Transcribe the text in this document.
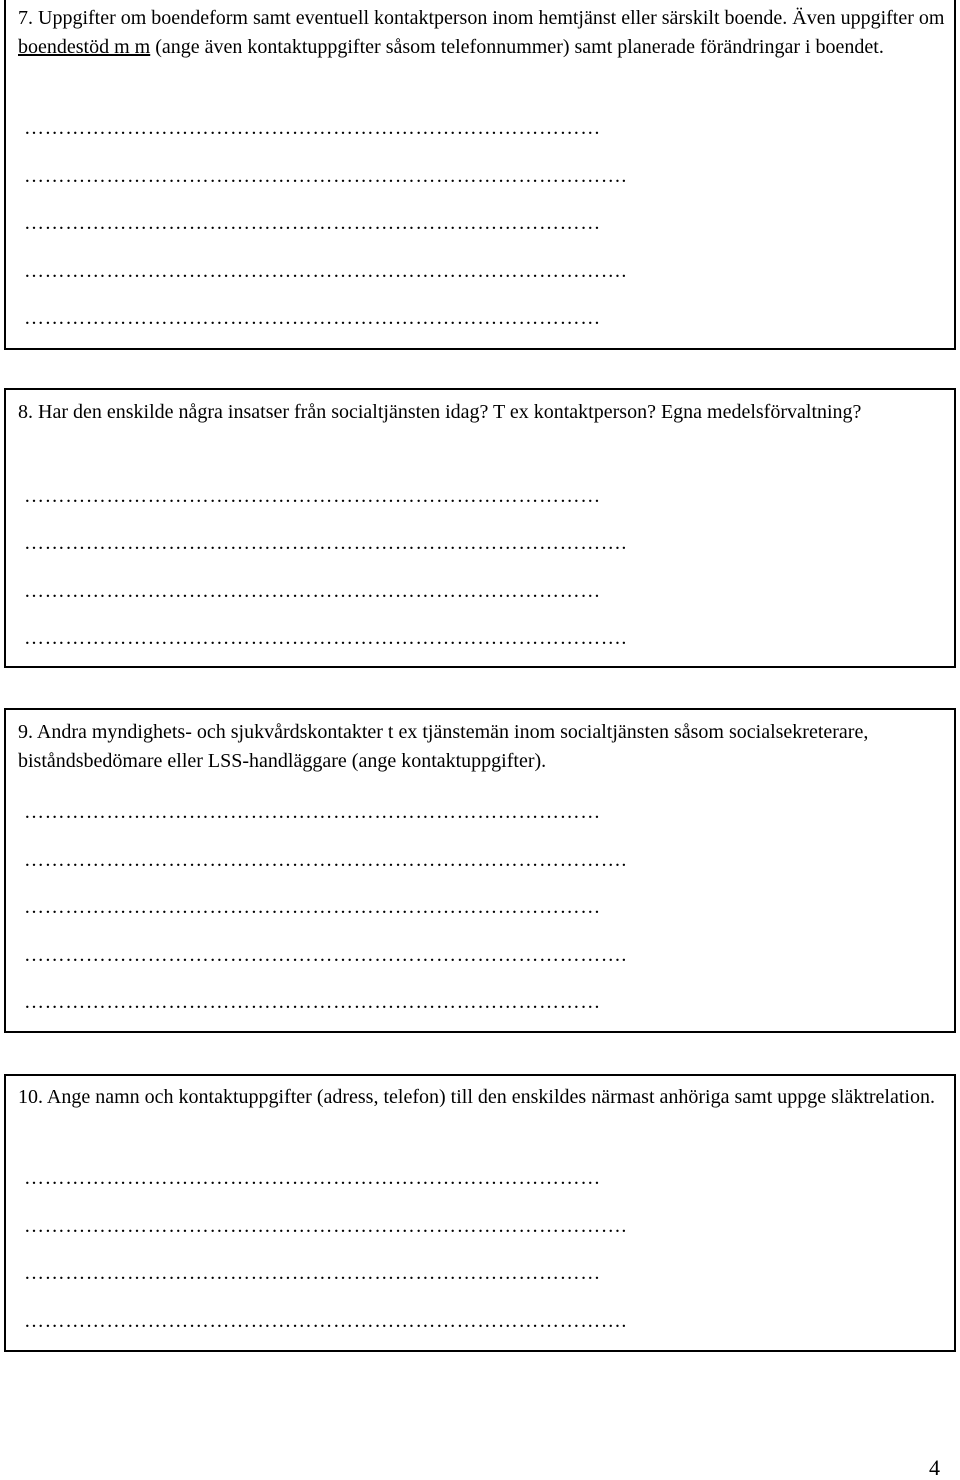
7. Uppgifter om boendeform samt eventuell kontaktperson inom hemtjänst eller särskilt boende. Även uppgifter om boendestöd m m (ange även kontaktuppgifter såsom telefonnummer) samt planerade förändringar i boendet.

…………………………………………………………………………
…………………………………………………………………………….
…………………………………………………………………………
…………………………………………………………………………….
…………………………………………………………………………

8. Har den enskilde några insatser från socialtjänsten idag? T ex kontaktperson? Egna medelsförvaltning?

…………………………………………………………………………
…………………………………………………………………………….
…………………………………………………………………………
…………………………………………………………………………….

9. Andra myndighets- och sjukvårdskontakter t ex tjänstemän inom socialtjänsten såsom socialsekreterare, biståndsbedömare eller LSS-handläggare (ange kontaktuppgifter).

…………………………………………………………………………
…………………………………………………………………………….
…………………………………………………………………………
…………………………………………………………………………….
…………………………………………………………………………

10. Ange namn och kontaktuppgifter (adress, telefon) till den enskildes närmast anhöriga samt uppge släktrelation.

…………………………………………………………………………
…………………………………………………………………………….
…………………………………………………………………………
…………………………………………………………………………….
4
